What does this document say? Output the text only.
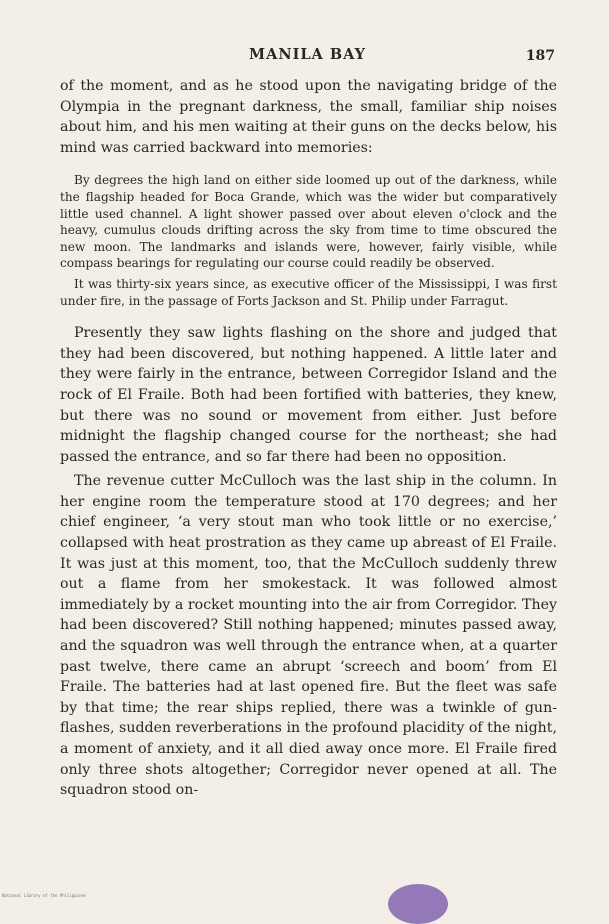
MANILA BAY	187

of the moment, and as he stood upon the navigating bridge of the Olympia in the pregnant darkness, the small, familiar ship noises about him, and his men waiting at their guns on the decks below, his mind was carried backward into memories:

By degrees the high land on either side loomed up out of the darkness, while the flagship headed for Boca Grande, which was the wider but comparatively little used channel. A light shower passed over about eleven o'clock and the heavy, cumulus clouds drifting across the sky from time to time obscured the new moon. The landmarks and islands were, however, fairly visible, while compass bearings for regulating our course could readily be observed.

It was thirty-six years since, as executive officer of the Mississippi, I was first under fire, in the passage of Forts Jackson and St. Philip under Farragut.

Presently they saw lights flashing on the shore and judged that they had been discovered, but nothing happened. A little later and they were fairly in the entrance, between Corregidor Island and the rock of El Fraile. Both had been fortified with batteries, they knew, but there was no sound or movement from either. Just before midnight the flagship changed course for the northeast; she had passed the entrance, and so far there had been no opposition.

The revenue cutter McCulloch was the last ship in the column. In her engine room the temperature stood at 170 degrees; and her chief engineer, ‘a very stout man who took little or no exercise,’ collapsed with heat prostration as they came up abreast of El Fraile. It was just at this moment, too, that the McCulloch suddenly threw out a flame from her smokestack. It was followed almost immediately by a rocket mounting into the air from Corregidor. They had been discovered? Still nothing happened; minutes passed away, and the squadron was well through the entrance when, at a quarter past twelve, there came an abrupt ‘screech and boom’ from El Fraile. The batteries had at last opened fire. But the fleet was safe by that time; the rear ships replied, there was a twinkle of gun-flashes, sudden reverberations in the profound placidity of the night, a moment of anxiety, and it all died away once more. El Fraile fired only three shots altogether; Corregidor never opened at all. The squadron stood on-

National Library of the Philippines
